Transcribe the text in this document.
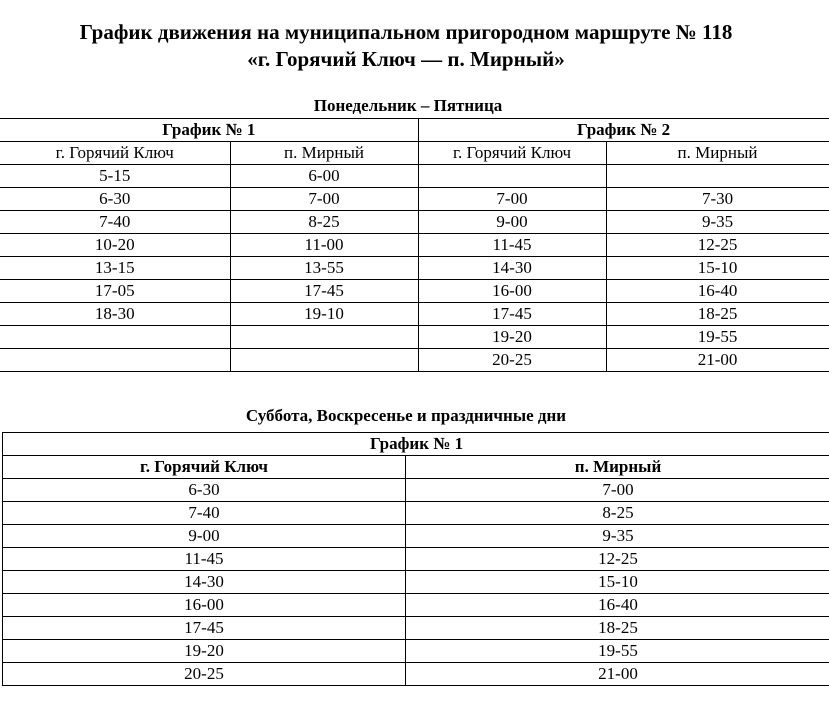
График движения на муниципальном пригородном маршруте № 118
«г. Горячий Ключ — п. Мирный»
Понедельник – Пятница
График № 1		График № 2	
г. Горячий Ключ	п. Мирный	г. Горячий Ключ	п. Мирный
5-15	6-00		
6-30	7-00	7-00	7-30
7-40	8-25	9-00	9-35
10-20	11-00	11-45	12-25
13-15	13-55	14-30	15-10
17-05	17-45	16-00	16-40
18-30	19-10	17-45	18-25
		19-20	19-55
		20-25	21-00
Суббота, Воскресенье и праздничные дни
График № 1	
г. Горячий Ключ	п. Мирный
6-30	7-00
7-40	8-25
9-00	9-35
11-45	12-25
14-30	15-10
16-00	16-40
17-45	18-25
19-20	19-55
20-25	21-00
